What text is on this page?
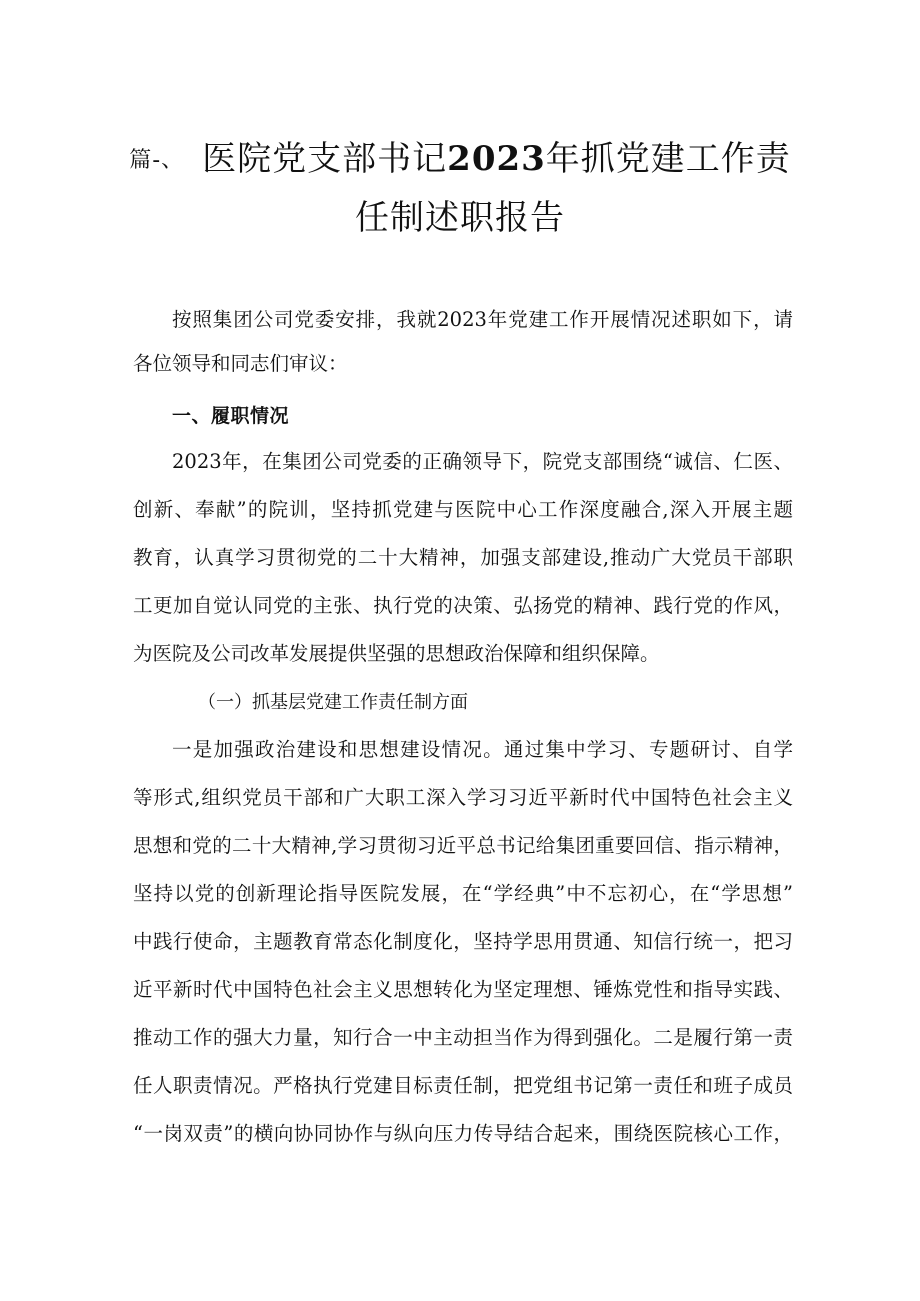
篇-、 医院党支部书记2023年抓党建工作责
任制述职报告
按照集团公司党委安排，我就2023年党建工作开展情况述职如下，请
各位领导和同志们审议：
一、履职情况
2023年，在集团公司党委的正确领导下，院党支部围绕“诚信、仁医、
创新、奉献”的院训，坚持抓党建与医院中心工作深度融合,深入开展主题
教育，认真学习贯彻党的二十大精神，加强支部建设,推动广大党员干部职
工更加自觉认同党的主张、执行党的决策、弘扬党的精神、践行党的作风，
为医院及公司改革发展提供坚强的思想政治保障和组织保障。
（一）抓基层党建工作责任制方面
一是加强政治建设和思想建设情况。通过集中学习、专题研讨、自学
等形式,组织党员干部和广大职工深入学习习近平新时代中国特色社会主义
思想和党的二十大精神,学习贯彻习近平总书记给集团重要回信、指示精神，
坚持以党的创新理论指导医院发展，在“学经典”中不忘初心，在“学思想”
中践行使命，主题教育常态化制度化，坚持学思用贯通、知信行统一，把习
近平新时代中国特色社会主义思想转化为坚定理想、锤炼党性和指导实践、
推动工作的强大力量，知行合一中主动担当作为得到强化。二是履行第一责
任人职责情况。严格执行党建目标责任制，把党组书记第一责任和班子成员
“一岗双责”的横向协同协作与纵向压力传导结合起来，围绕医院核心工作，
